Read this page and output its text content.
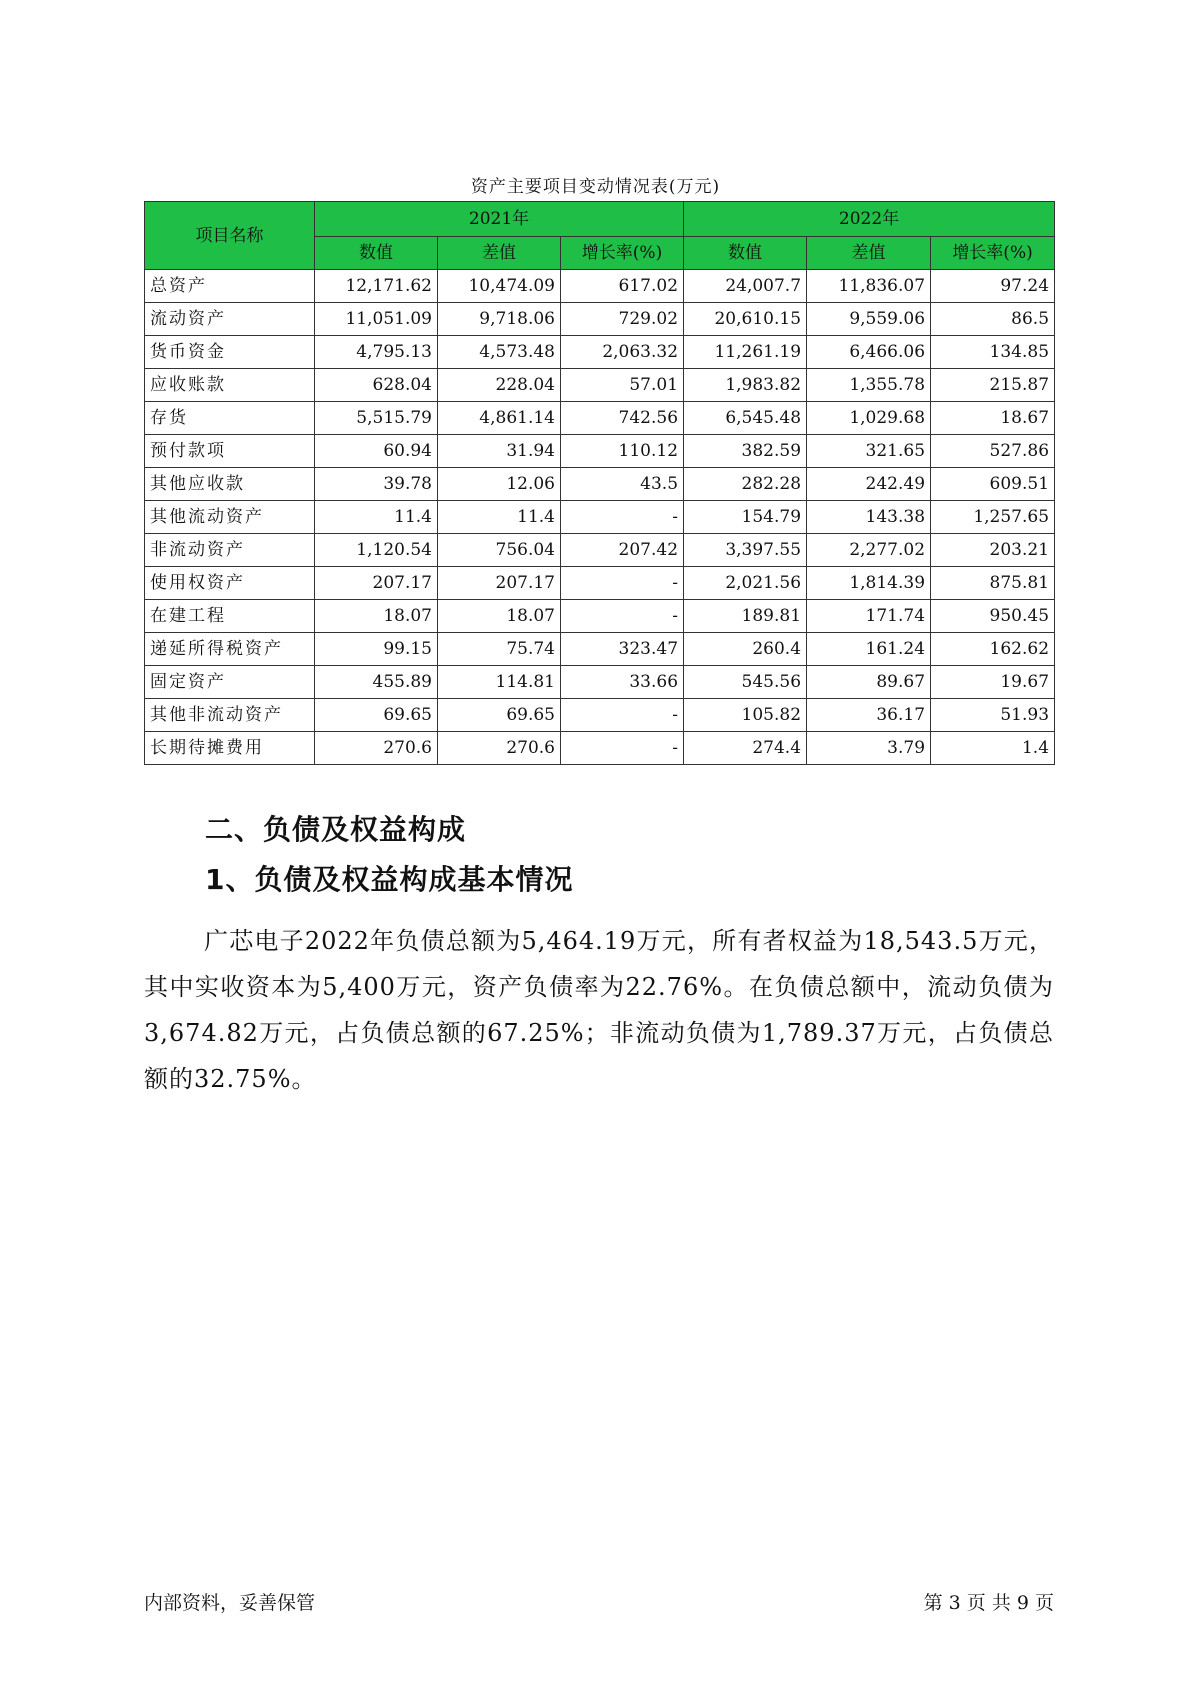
资产主要项目变动情况表(万元)
项目名称	2021年			2022年		
	数值	差值	增长率(%)	数值	差值	增长率(%)
总资产	12,171.62	10,474.09	617.02	24,007.7	11,836.07	97.24
流动资产	11,051.09	9,718.06	729.02	20,610.15	9,559.06	86.5
货币资金	4,795.13	4,573.48	2,063.32	11,261.19	6,466.06	134.85
应收账款	628.04	228.04	57.01	1,983.82	1,355.78	215.87
存货	5,515.79	4,861.14	742.56	6,545.48	1,029.68	18.67
预付款项	60.94	31.94	110.12	382.59	321.65	527.86
其他应收款	39.78	12.06	43.5	282.28	242.49	609.51
其他流动资产	11.4	11.4	-	154.79	143.38	1,257.65
非流动资产	1,120.54	756.04	207.42	3,397.55	2,277.02	203.21
使用权资产	207.17	207.17	-	2,021.56	1,814.39	875.81
在建工程	18.07	18.07	-	189.81	171.74	950.45
递延所得税资产	99.15	75.74	323.47	260.4	161.24	162.62
固定资产	455.89	114.81	33.66	545.56	89.67	19.67
其他非流动资产	69.65	69.65	-	105.82	36.17	51.93
长期待摊费用	270.6	270.6	-	274.4	3.79	1.4
二、负债及权益构成
1、负债及权益构成基本情况

广芯电子2022年负债总额为5,464.19万元，所有者权益为18,543.5万元，其中实收资本为5,400万元，资产负债率为22.76%。在负债总额中，流动负债为3,674.82万元，占负债总额的67.25%；非流动负债为1,789.37万元，占负债总额的32.75%。

内部资料，妥善保管	第 3 页 共 9 页
